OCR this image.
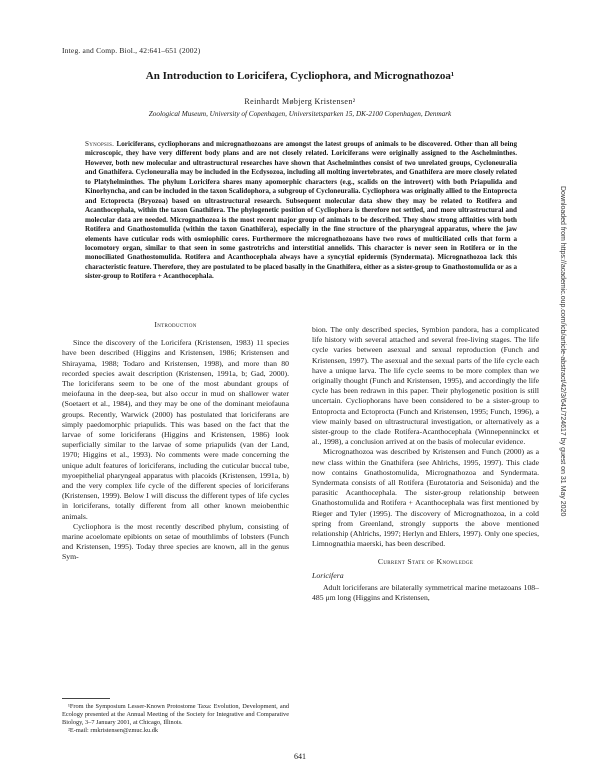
Integ. and Comp. Biol., 42:641–651 (2002)
An Introduction to Loricifera, Cycliophora, and Micrognathozoa¹
Reinhardt Møbjerg Kristensen²
Zoological Museum, University of Copenhagen, Universitetsparken 15, DK-2100 Copenhagen, Denmark

Synopsis. Loriciferans, cycliophorans and micrognathozoans are amongst the latest groups of animals to be discovered. Other than all being microscopic, they have very different body plans and are not closely related. Loriciferans were originally assigned to the Aschelminthes. However, both new molecular and ultrastructural researches have shown that Aschelminthes consist of two unrelated groups, Cycloneuralia and Gnathifera. Cycloneuralia may be included in the Ecdysozoa, including all molting invertebrates, and Gnathifera are more closely related to Platyhelminthes. The phylum Loricifera shares many apomorphic characters (e.g., scalids on the introvert) with both Priapulida and Kinorhyncha, and can be included in the taxon Scalidophora, a subgroup of Cycloneuralia. Cycliophora was originally allied to the Entoprocta and Ectoprocta (Bryozoa) based on ultrastructural research. Subsequent molecular data show they may be related to Rotifera and Acanthocephala, within the taxon Gnathifera. The phylogenetic position of Cycliophora is therefore not settled, and more ultrastructural and molecular data are needed. Micrognathozoa is the most recent major group of animals to be described. They show strong affinities with both Rotifera and Gnathostomulida (within the taxon Gnathifera), especially in the fine structure of the pharyngeal apparatus, where the jaw elements have cuticular rods with osmiophilic cores. Furthermore the micrognathozoans have two rows of multiciliated cells that form a locomotory organ, similar to that seen in some gastrotrichs and interstitial annelids. This character is never seen in Rotifera or in the monociliated Gnathostomulida. Rotifera and Acanthocephala always have a syncytial epidermis (Syndermata). Micrognathozoa lack this characteristic feature. Therefore, they are postulated to be placed basally in the Gnathifera, either as a sister-group to Gnathostomulida or as a sister-group to Rotifera + Acanthocephala.

Introduction

Since the discovery of the Loricifera (Kristensen, 1983) 11 species have been described (Higgins and Kristensen, 1986; Kristensen and Shirayama, 1988; Todaro and Kristensen, 1998), and more than 80 recorded species await description (Kristensen, 1991a, b; Gad, 2000). The loriciferans seem to be one of the most abundant groups of meiofauna in the deep-sea, but also occur in mud on shallower water (Soetaert et al., 1984), and they may be one of the dominant meiofauna groups. Recently, Warwick (2000) has postulated that loriciferans are simply paedomorphic priapulids. This was based on the fact that the larvae of some loriciferans (Higgins and Kristensen, 1986) look superficially similar to the larvae of some priapulids (van der Land, 1970; Higgins et al., 1993). No comments were made concerning the unique adult features of loriciferans, including the cuticular buccal tube, myoepithelial pharyngeal apparatus with placoids (Kristensen, 1991a, b) and the very complex life cycle of the different species of loriciferans (Kristensen, 1999). Below I will discuss the different types of life cycles in loriciferans, totally different from all other known meiobenthic animals.

Cycliophora is the most recently described phylum, consisting of marine acoelomate epibionts on setae of mouthlimbs of lobsters (Funch and Kristensen, 1995). Today three species are known, all in the genus Sym-

¹From the Symposium Lesser-Known Protostome Taxa: Evolution, Development, and Ecology presented at the Annual Meeting of the Society for Integrative and Comparative Biology, 3–7 January 2001, at Chicago, Illinois.

²E-mail: rmkristensen@zmuc.ku.dk

bion. The only described species, Symbion pandora, has a complicated life history with several attached and several free-living stages. The life cycle varies between asexual and sexual reproduction (Funch and Kristensen, 1997). The asexual and the sexual parts of the life cycle each have a unique larva. The life cycle seems to be more complex than we originally thought (Funch and Kristensen, 1995), and accordingly the life cycle has been redrawn in this paper. Their phylogenetic position is still uncertain. Cycliophorans have been considered to be a sister-group to Entoprocta and Ectoprocta (Funch and Kristensen, 1995; Funch, 1996), a view mainly based on ultrastructural investigation, or alternatively as a sister-group to the clade Rotifera-Acanthocephala (Winnepenninckx et al., 1998), a conclusion arrived at on the basis of molecular evidence.

Micrognathozoa was described by Kristensen and Funch (2000) as a new class within the Gnathifera (see Ahlrichs, 1995, 1997). This clade now contains Gnathostomulida, Micrognathozoa and Syndermata. Syndermata consists of all Rotifera (Eurotatoria and Seisonida) and the parasitic Acanthocephala. The sister-group relationship between Gnathostomulida and Rotifera + Acanthocephala was first mentioned by Rieger and Tyler (1995). The discovery of Micrognathozoa, in a cold spring from Greenland, strongly supports the above mentioned relationship (Ahlrichs, 1997; Herlyn and Ehlers, 1997). Only one species, Limnognathia maerski, has been described.

Current State of Knowledge
Loricifera

Adult loriciferans are bilaterally symmetrical marine metazoans 108–485 μm long (Higgins and Kristensen,

641
Downloaded from https://academic.oup.com/icb/article-abstract/42/3/641/724617 by guest on 31 May 2020
